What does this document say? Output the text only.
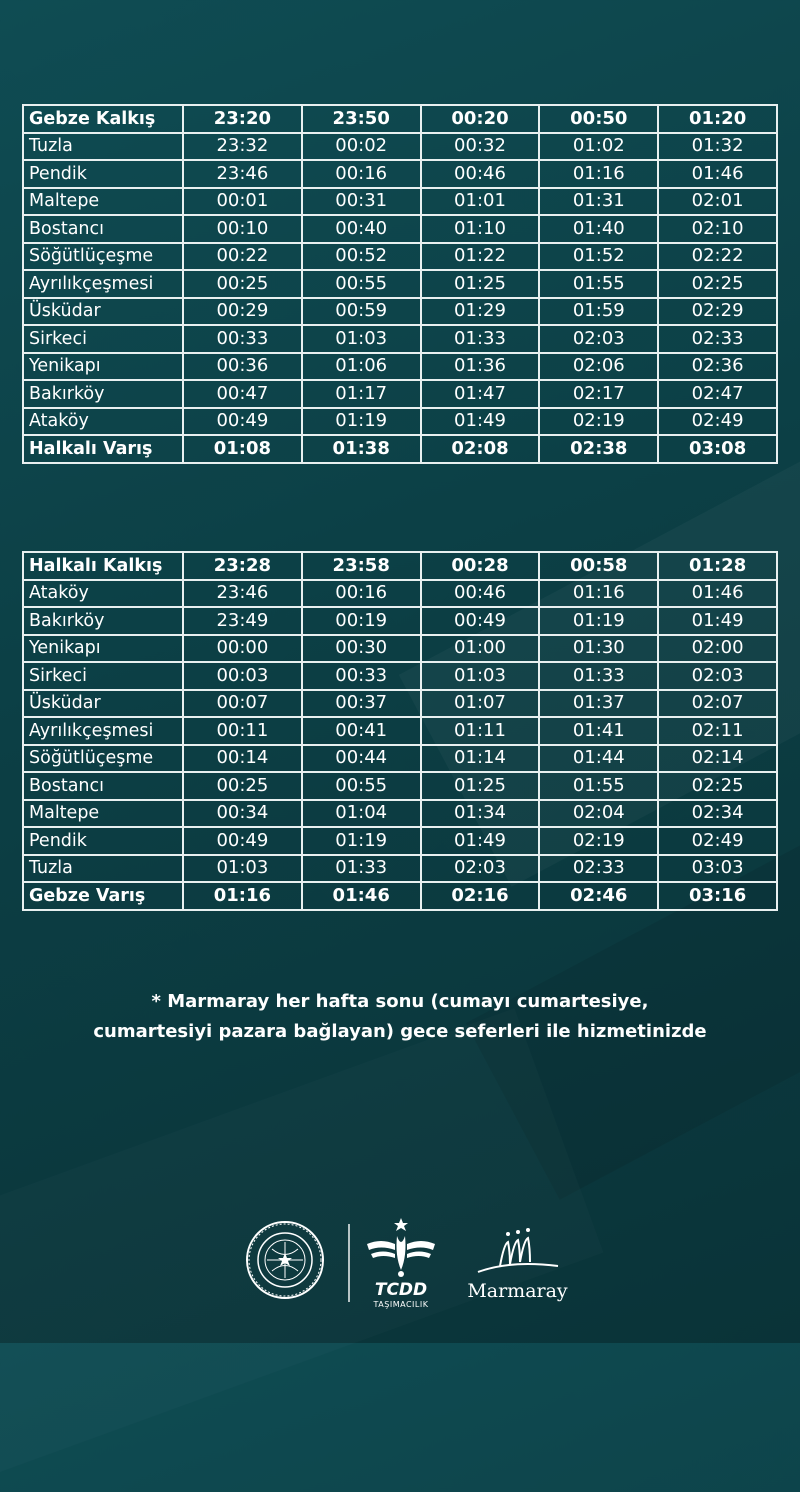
Gebze Kalkış	23:20	23:50	00:20	00:50	01:20
Tuzla	23:32	00:02	00:32	01:02	01:32
Pendik	23:46	00:16	00:46	01:16	01:46
Maltepe	00:01	00:31	01:01	01:31	02:01
Bostancı	00:10	00:40	01:10	01:40	02:10
Söğütlüçeşme	00:22	00:52	01:22	01:52	02:22
Ayrılıkçeşmesi	00:25	00:55	01:25	01:55	02:25
Üsküdar	00:29	00:59	01:29	01:59	02:29
Sirkeci	00:33	01:03	01:33	02:03	02:33
Yenikapı	00:36	01:06	01:36	02:06	02:36
Bakırköy	00:47	01:17	01:47	02:17	02:47
Ataköy	00:49	01:19	01:49	02:19	02:49
Halkalı Varış	01:08	01:38	02:08	02:38	03:08
Halkalı Kalkış	23:28	23:58	00:28	00:58	01:28
Ataköy	23:46	00:16	00:46	01:16	01:46
Bakırköy	23:49	00:19	00:49	01:19	01:49
Yenikapı	00:00	00:30	01:00	01:30	02:00
Sirkeci	00:03	00:33	01:03	01:33	02:03
Üsküdar	00:07	00:37	01:07	01:37	02:07
Ayrılıkçeşmesi	00:11	00:41	01:11	01:41	02:11
Söğütlüçeşme	00:14	00:44	01:14	01:44	02:14
Bostancı	00:25	00:55	01:25	01:55	02:25
Maltepe	00:34	01:04	01:34	02:04	02:34
Pendik	00:49	01:19	01:49	02:19	02:49
Tuzla	01:03	01:33	02:03	02:33	03:03
Gebze Varış	01:16	01:46	02:16	02:46	03:16
* Marmaray her hafta sonu (cumayı cumartesiye,
cumartesiyi pazara bağlayan) gece seferleri ile hizmetinizde
TCDD
TAŞIMACILIK
Marmaray
